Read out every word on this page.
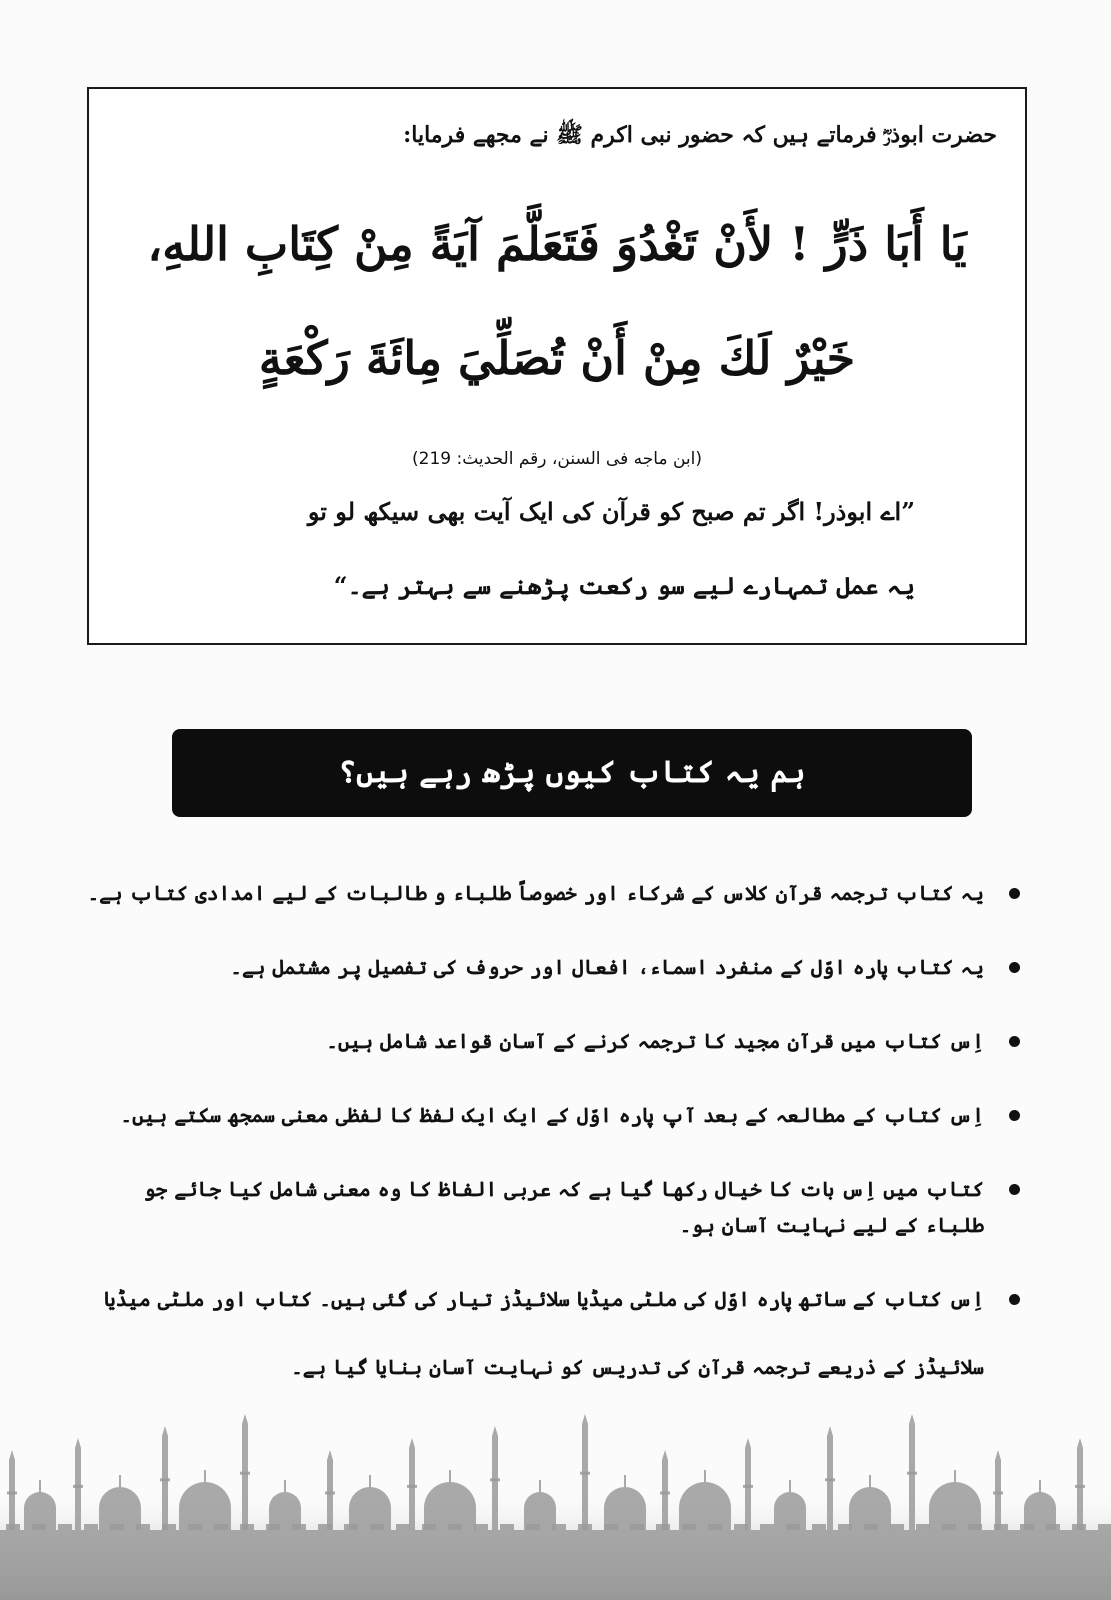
حضرت ابوذرؓ فرماتے ہیں کہ حضور نبی اکرم ﷺ نے مجھے فرمایا:
يَا أَبَا ذَرٍّ ! لأَنْ تَغْدُوَ فَتَعَلَّمَ آيَةً مِنْ كِتَابِ اللهِ،
خَيْرٌ لَكَ مِنْ أَنْ تُصَلِّيَ مِائَةَ رَكْعَةٍ
(ابن ماجه فى السنن، رقم الحديث: 219)
”اے ابوذر! اگر تم صبح کو قرآن کی ایک آیت بھی سیکھ لو تو
یہ عمل تمہارے لیے سو رکعت پڑھنے سے بہتر ہے۔“
ہم یہ کتاب کیوں پڑھ رہے ہیں؟
یہ کتاب ترجمہ قرآن کلاس کے شرکاء اور خصوصاً طلباء و طالبات کے لیے امدادی کتاب ہے۔
یہ کتاب پارہ اوّل کے منفرد اسماء، افعال اور حروف کی تفصیل پر مشتمل ہے۔
اِس کتاب میں قرآنِ مجید کا ترجمہ کرنے کے آسان قواعد شامل ہیں۔
اِس کتاب کے مطالعہ کے بعد آپ پارہ اوّل کے ایک ایک لفظ کا لفظی معنی سمجھ سکتے ہیں۔
کتاب میں اِس بات کا خیال رکھا گیا ہے کہ عربی الفاظ کا وہ معنی شامل کیا جائے جو طلباء کے لیے نہایت آسان ہو۔
اِس کتاب کے ساتھ پارہ اوّل کی ملٹی میڈیا سلائیڈز تیار کی گئی ہیں۔ کتاب اور ملٹی میڈیا سلائیڈز کے ذریعے ترجمہ قرآن کی تدریس کو نہایت آسان بنایا گیا ہے۔
